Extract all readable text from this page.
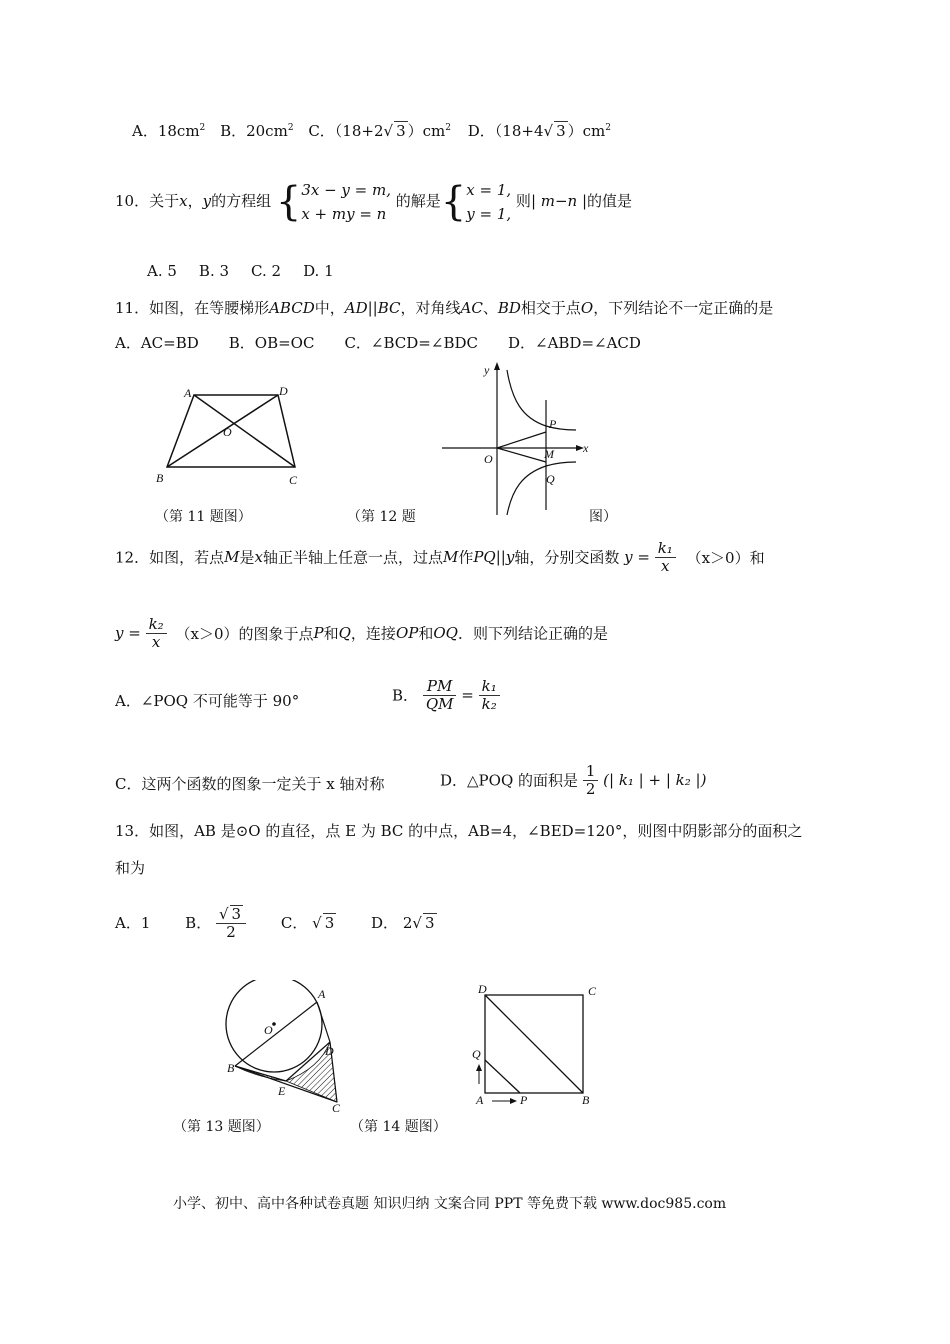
A．$18cm^2$ B．$20cm^2$ C．（18+2√ 3 ）$cm^2$ D．（18+4√ 3 ）$cm^2$
10．关于x，y的方程组 {3x − y = m,
x + my = n 的解是{x = 1,
y = 1, 则| m−n |的值是
A. 5 B. 3 C. 2 D. 1
11．如图，在等腰梯形ABCD中，AD||BC，对角线AC、BD相交于点O，下列结论不一定正确的是
A．AC=BD B．OB=OC C．∠BCD=∠BDC D．∠ABD=∠ACD
A	D
O
B	C
（第 11 题图）
y
P
x
O	M
Q
（第 12 题	图）
12．如图，若点M是x轴正半轴上任意一点，过点M作PQ||y轴，分别交函数 $y = \frac{\text{k₁}}{x} (x>0)$和
$y = \frac{\text{k₂}}{x} (x>0)$的图象于点P和Q，连接OP和OQ．则下列结论正确的是
A．∠POQ 不可能等于 90°	B． $\frac{PM}{QM} = \frac{\text{k₁}}{\text{k₂}}$
C．这两个函数的图象一定关于 x 轴对称	D．△POQ 的面积是 $\frac{1}{2}$ (| k₁ | + | k₂ |)
13．如图，AB 是⊙O 的直径，点 E 为 BC 的中点，AB=4，∠BED=120°，则图中阴影部分的面积之
和为
A．1 B． $\frac{√ 3}{2}$ C． √ 3 D． 2√ 3
A
O
D
B
E
C
（第 13 题图）
D	C
Q
A	P	B
（第 14 题图）
小学、初中、高中各种试卷真题 知识归纳 文案合同 PPT 等免费下载 www.doc985.com
